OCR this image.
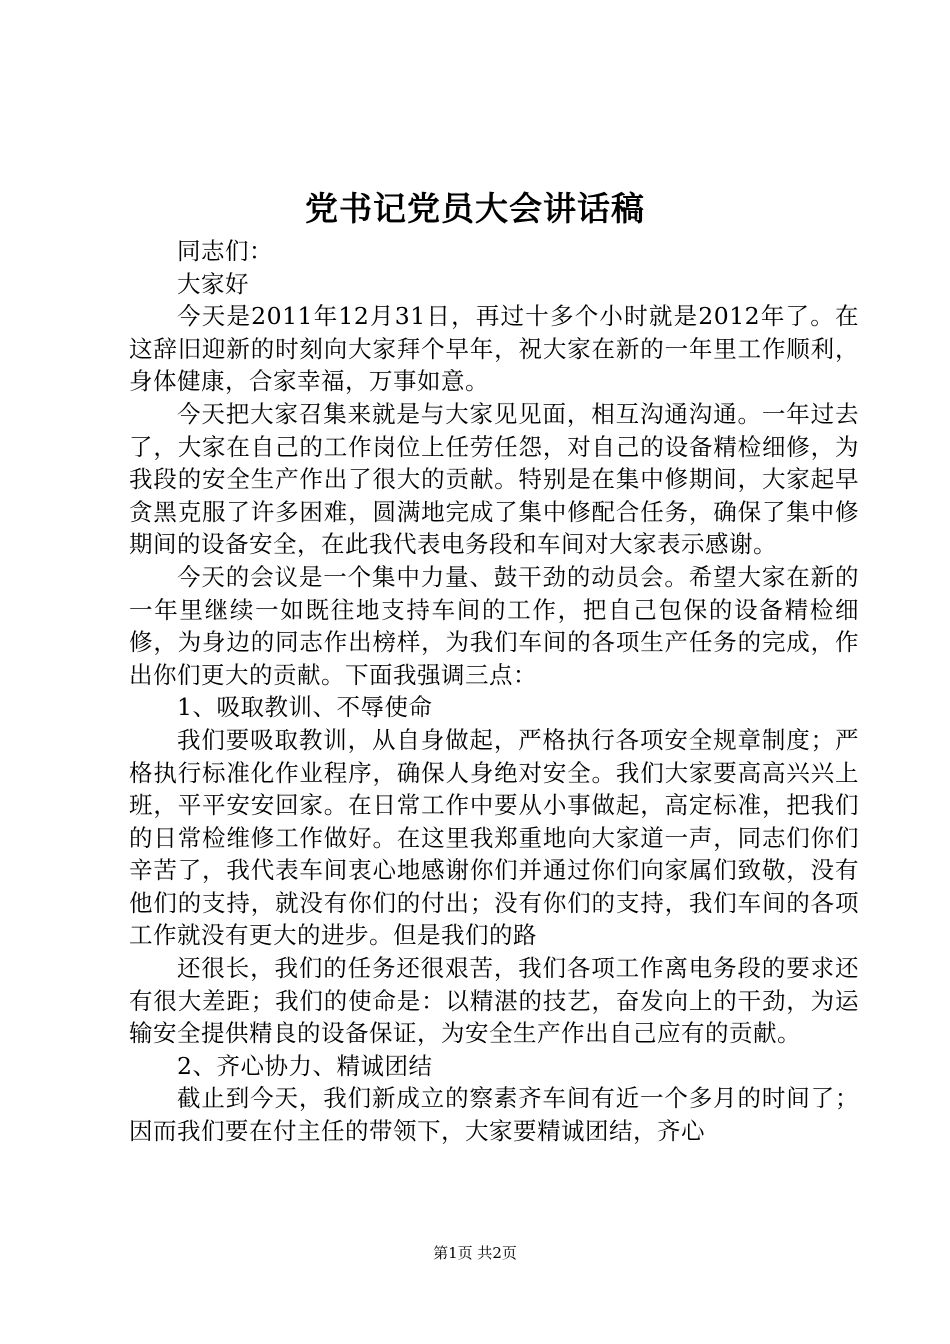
党书记党员大会讲话稿

同志们：

大家好

今天是2011年12月31日，再过十多个小时就是2012年了。在这辞旧迎新的时刻向大家拜个早年，祝大家在新的一年里工作顺利，身体健康，合家幸福，万事如意。

今天把大家召集来就是与大家见见面，相互沟通沟通。一年过去了，大家在自己的工作岗位上任劳任怨，对自己的设备精检细修，为我段的安全生产作出了很大的贡献。特别是在集中修期间，大家起早贪黑克服了许多困难，圆满地完成了集中修配合任务，确保了集中修期间的设备安全，在此我代表电务段和车间对大家表示感谢。

今天的会议是一个集中力量、鼓干劲的动员会。希望大家在新的一年里继续一如既往地支持车间的工作，把自己包保的设备精检细修，为身边的同志作出榜样，为我们车间的各项生产任务的完成，作出你们更大的贡献。下面我强调三点：

1、吸取教训、不辱使命

我们要吸取教训，从自身做起，严格执行各项安全规章制度；严格执行标准化作业程序，确保人身绝对安全。我们大家要高高兴兴上班，平平安安回家。在日常工作中要从小事做起，高定标准，把我们的日常检维修工作做好。在这里我郑重地向大家道一声，同志们你们辛苦了，我代表车间衷心地感谢你们并通过你们向家属们致敬，没有他们的支持，就没有你们的付出；没有你们的支持，我们车间的各项工作就没有更大的进步。但是我们的路

还很长，我们的任务还很艰苦，我们各项工作离电务段的要求还有很大差距；我们的使命是：以精湛的技艺，奋发向上的干劲，为运输安全提供精良的设备保证，为安全生产作出自己应有的贡献。

2、齐心协力、精诚团结

截止到今天，我们新成立的察素齐车间有近一个多月的时间了；因而我们要在付主任的带领下，大家要精诚团结，齐心

第1页 共2页
